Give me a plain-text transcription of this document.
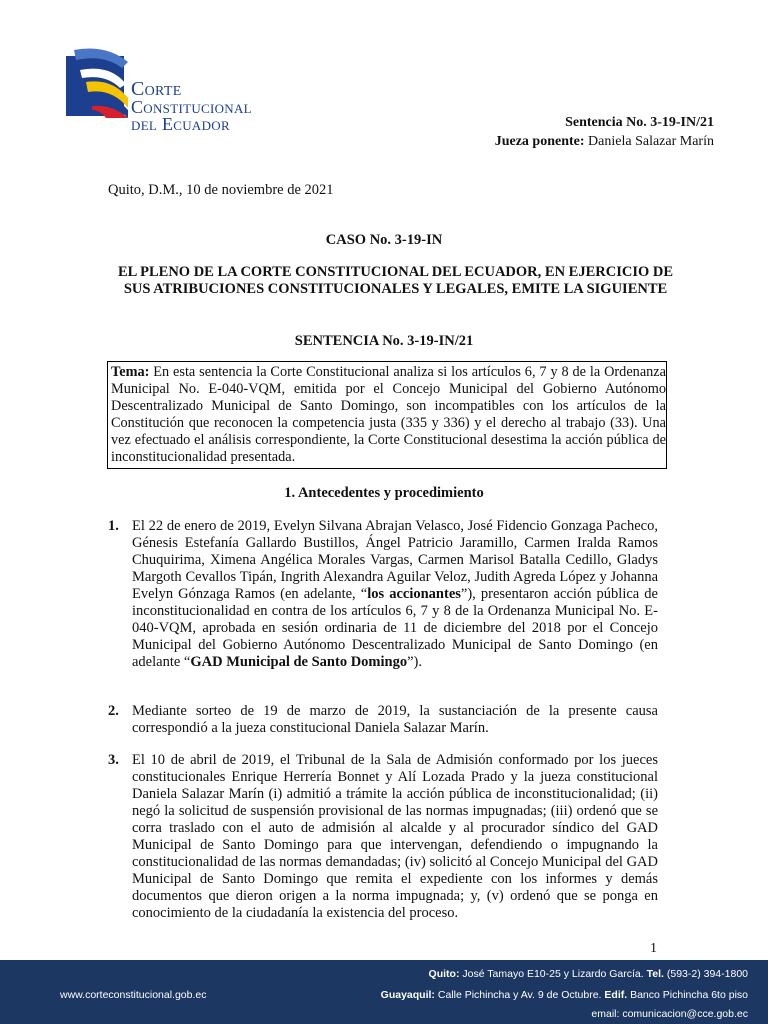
Corte
Constitucional
del Ecuador	Sentencia No. 3-19-IN/21
Jueza ponente: Daniela Salazar Marín
Quito, D.M., 10 de noviembre de 2021
CASO No. 3-19-IN
EL PLENO DE LA CORTE CONSTITUCIONAL DEL ECUADOR, EN EJERCICIO DE SUS ATRIBUCIONES CONSTITUCIONALES Y LEGALES, EMITE LA SIGUIENTE
SENTENCIA No. 3-19-IN/21
Tema: En esta sentencia la Corte Constitucional analiza si los artículos 6, 7 y 8 de la Ordenanza Municipal No. E-040-VQM, emitida por el Concejo Municipal del Gobierno Autónomo Descentralizado Municipal de Santo Domingo, son incompatibles con los artículos de la Constitución que reconocen la competencia justa (335 y 336) y el derecho al trabajo (33). Una vez efectuado el análisis correspondiente, la Corte Constitucional desestima la acción pública de inconstitucionalidad presentada.
1. Antecedentes y procedimiento
1. El 22 de enero de 2019, Evelyn Silvana Abrajan Velasco, José Fidencio Gonzaga Pacheco, Génesis Estefanía Gallardo Bustillos, Ángel Patricio Jaramillo, Carmen Iralda Ramos Chuquirima, Ximena Angélica Morales Vargas, Carmen Marisol Batalla Cedillo, Gladys Margoth Cevallos Tipán, Ingrith Alexandra Aguilar Veloz, Judith Agreda López y Johanna Evelyn Gónzaga Ramos (en adelante, “los accionantes”), presentaron acción pública de inconstitucionalidad en contra de los artículos 6, 7 y 8 de la Ordenanza Municipal No. E-040-VQM, aprobada en sesión ordinaria de 11 de diciembre del 2018 por el Concejo Municipal del Gobierno Autónomo Descentralizado Municipal de Santo Domingo (en adelante “GAD Municipal de Santo Domingo”).
2. Mediante sorteo de 19 de marzo de 2019, la sustanciación de la presente causa correspondió a la jueza constitucional Daniela Salazar Marín.
3. El 10 de abril de 2019, el Tribunal de la Sala de Admisión conformado por los jueces constitucionales Enrique Herrería Bonnet y Alí Lozada Prado y la jueza constitucional Daniela Salazar Marín (i) admitió a trámite la acción pública de inconstitucionalidad; (ii) negó la solicitud de suspensión provisional de las normas impugnadas; (iii) ordenó que se corra traslado con el auto de admisión al alcalde y al procurador síndico del GAD Municipal de Santo Domingo para que intervengan, defendiendo o impugnando la constitucionalidad de las normas demandadas; (iv) solicitó al Concejo Municipal del GAD Municipal de Santo Domingo que remita el expediente con los informes y demás documentos que dieron origen a la norma impugnada; y, (v) ordenó que se ponga en conocimiento de la ciudadanía la existencia del proceso.
1
www.corteconstitucional.gob.ec
Quito: José Tamayo E10-25 y Lizardo García. Tel. (593-2) 394-1800
Guayaquil: Calle Pichincha y Av. 9 de Octubre. Edif. Banco Pichincha 6to piso
email: comunicacion@cce.gob.ec
